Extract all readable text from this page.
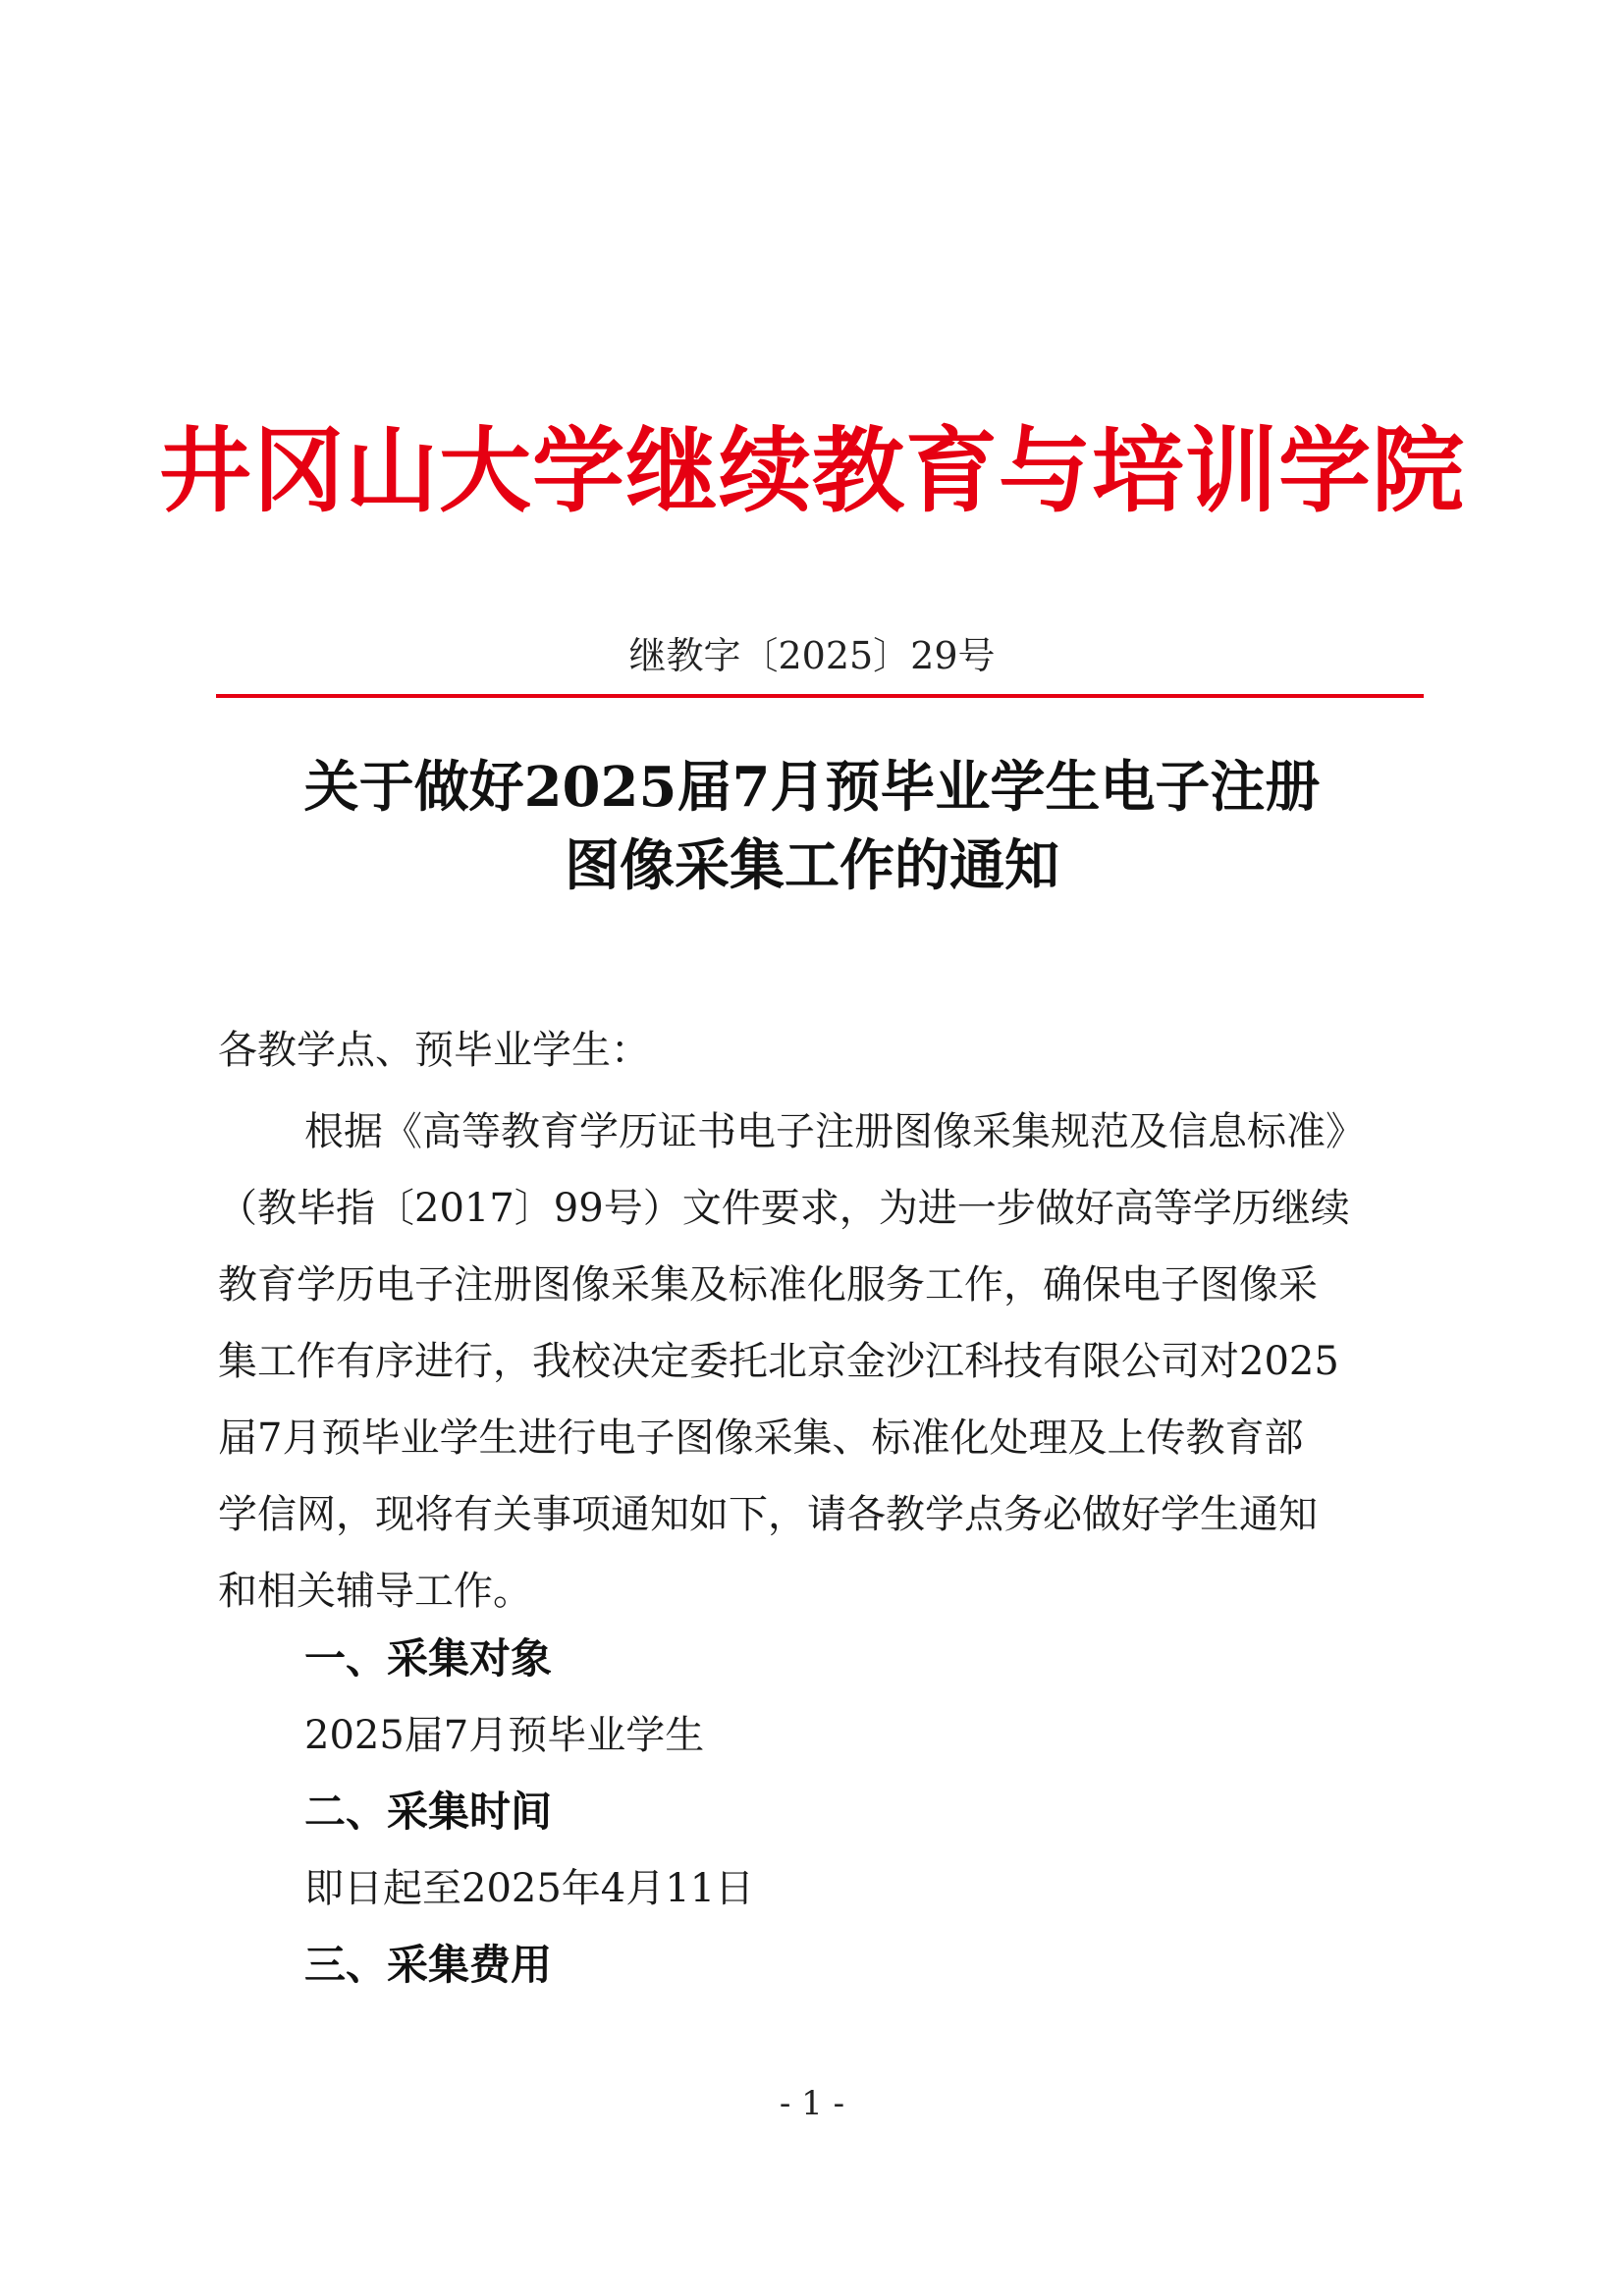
井冈山大学继续教育与培训学院
继教字〔2025〕29号
关于做好2025届7月预毕业学生电子注册
图像采集工作的通知
各教学点、预毕业学生：
根据《高等教育学历证书电子注册图像采集规范及信息标准》
（教毕指〔2017〕99号）文件要求，为进一步做好高等学历继续
教育学历电子注册图像采集及标准化服务工作，确保电子图像采
集工作有序进行，我校决定委托北京金沙江科技有限公司对2025
届7月预毕业学生进行电子图像采集、标准化处理及上传教育部
学信网，现将有关事项通知如下，请各教学点务必做好学生通知
和相关辅导工作。
一、采集对象
2025届7月预毕业学生
二、采集时间
即日起至2025年4月11日
三、采集费用
- 1 -
